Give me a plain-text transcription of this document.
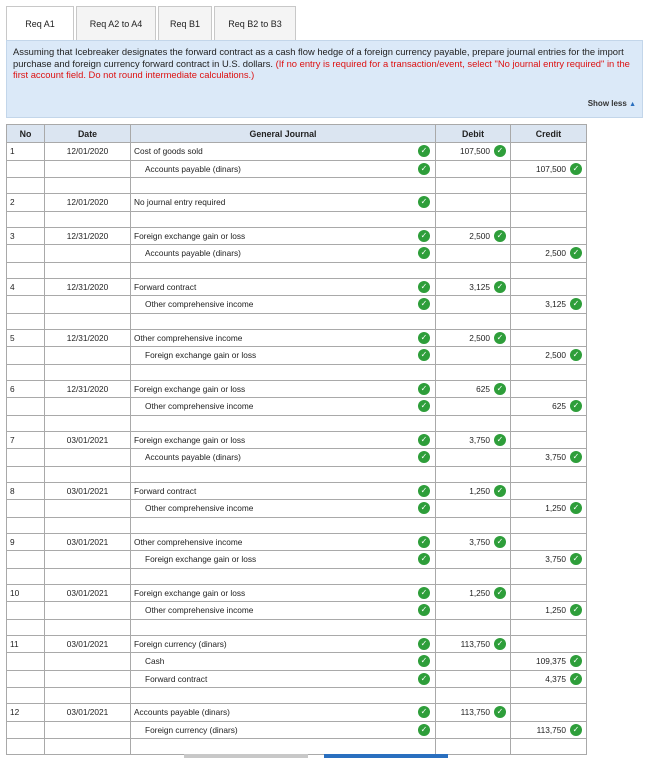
Req A1	Req A2 to A4	Req B1	Req B2 to B3
Assuming that Icebreaker designates the forward contract as a cash flow hedge of a foreign currency payable, prepare journal entries for the import purchase and foreign currency forward contract in U.S. dollars. (If no entry is required for a transaction/event, select "No journal entry required" in the first account field. Do not round intermediate calculations.)
Show less ▲
No	Date	General Journal	Debit	Credit
1	12/01/2020	Cost of goods sold ✓	107,500 ✓	

		Accounts payable (dinars) ✓		107,500 ✓

2	12/01/2020	No journal entry required ✓		

3	12/31/2020	Foreign exchange gain or loss ✓	2,500 ✓	

		Accounts payable (dinars) ✓		2,500 ✓

4	12/31/2020	Forward contract ✓	3,125 ✓	

		Other comprehensive income ✓		3,125 ✓

5	12/31/2020	Other comprehensive income ✓	2,500 ✓	

		Foreign exchange gain or loss ✓		2,500 ✓

6	12/31/2020	Foreign exchange gain or loss ✓	625 ✓	

		Other comprehensive income ✓		625 ✓

7	03/01/2021	Foreign exchange gain or loss ✓	3,750 ✓	

		Accounts payable (dinars) ✓		3,750 ✓

8	03/01/2021	Forward contract ✓	1,250 ✓	

		Other comprehensive income ✓		1,250 ✓

9	03/01/2021	Other comprehensive income ✓	3,750 ✓	

		Foreign exchange gain or loss ✓		3,750 ✓

10	03/01/2021	Foreign exchange gain or loss ✓	1,250 ✓	

		Other comprehensive income ✓		1,250 ✓

11	03/01/2021	Foreign currency (dinars) ✓	113,750 ✓	

		Cash ✓		109,375 ✓

		Forward contract ✓		4,375 ✓

12	03/01/2021	Accounts payable (dinars) ✓	113,750 ✓	

		Foreign currency (dinars) ✓		113,750 ✓
